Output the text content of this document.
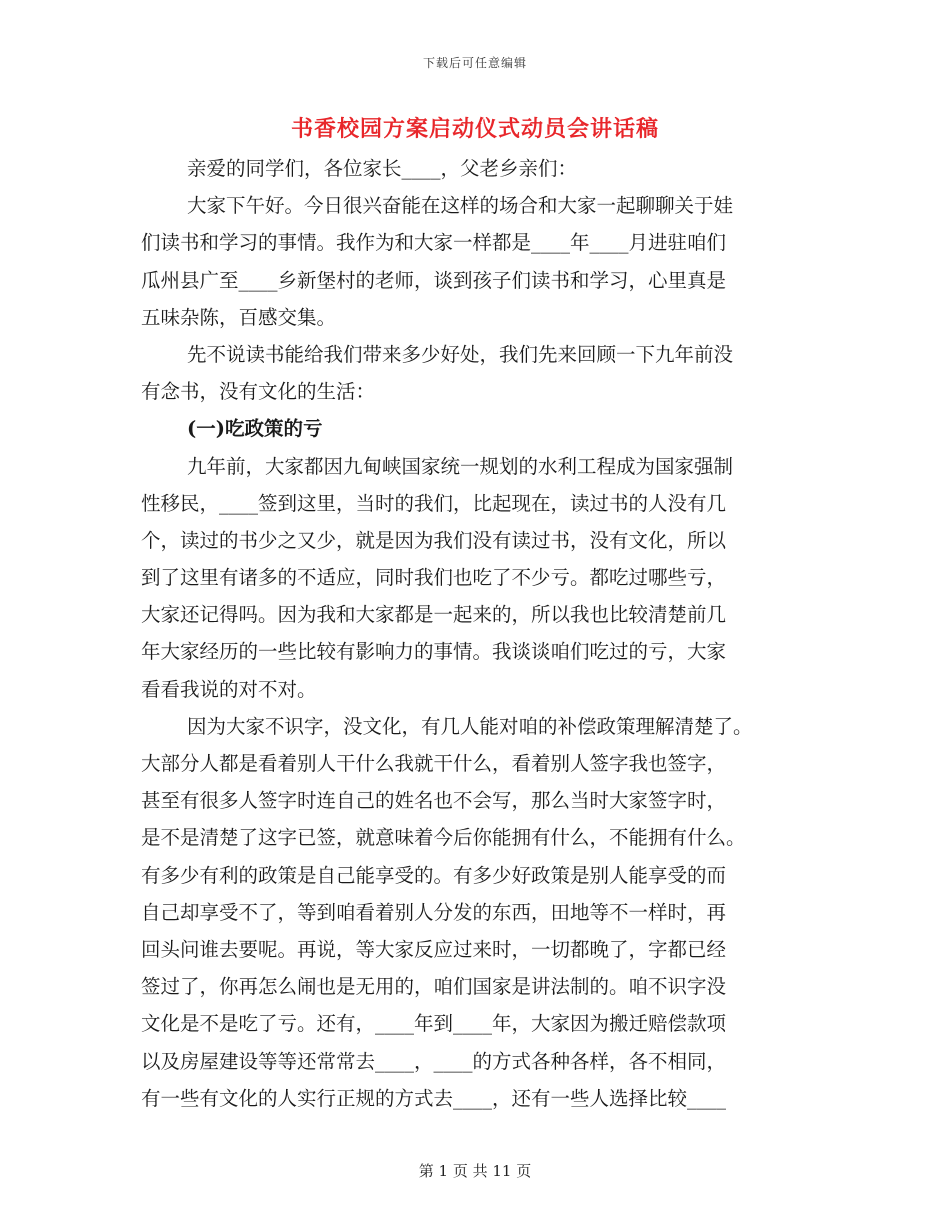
下载后可任意编辑
书香校园方案启动仪式动员会讲话稿
亲爱的同学们，各位家长____，父老乡亲们：
大家下午好。今日很兴奋能在这样的场合和大家一起聊聊关于娃
们读书和学习的事情。我作为和大家一样都是____年____月进驻咱们
瓜州县广至____乡新堡村的老师，谈到孩子们读书和学习，心里真是
五味杂陈，百感交集。
先不说读书能给我们带来多少好处，我们先来回顾一下九年前没
有念书，没有文化的生活：
(一)吃政策的亏
九年前，大家都因九甸峡国家统一规划的水利工程成为国家强制
性移民，____签到这里，当时的我们，比起现在，读过书的人没有几
个，读过的书少之又少，就是因为我们没有读过书，没有文化，所以
到了这里有诸多的不适应，同时我们也吃了不少亏。都吃过哪些亏，
大家还记得吗。因为我和大家都是一起来的，所以我也比较清楚前几
年大家经历的一些比较有影响力的事情。我谈谈咱们吃过的亏，大家
看看我说的对不对。
因为大家不识字，没文化，有几人能对咱的补偿政策理解清楚了。
大部分人都是看着别人干什么我就干什么，看着别人签字我也签字，
甚至有很多人签字时连自己的姓名也不会写，那么当时大家签字时，
是不是清楚了这字已签，就意味着今后你能拥有什么，不能拥有什么。
有多少有利的政策是自己能享受的。有多少好政策是别人能享受的而
自己却享受不了，等到咱看着别人分发的东西，田地等不一样时，再
回头问谁去要呢。再说，等大家反应过来时，一切都晚了，字都已经
签过了，你再怎么闹也是无用的，咱们国家是讲法制的。咱不识字没
文化是不是吃了亏。还有，____年到____年，大家因为搬迁赔偿款项
以及房屋建设等等还常常去____，____的方式各种各样，各不相同，
有一些有文化的人实行正规的方式去____，还有一些人选择比较____
第 1 页 共 11 页
